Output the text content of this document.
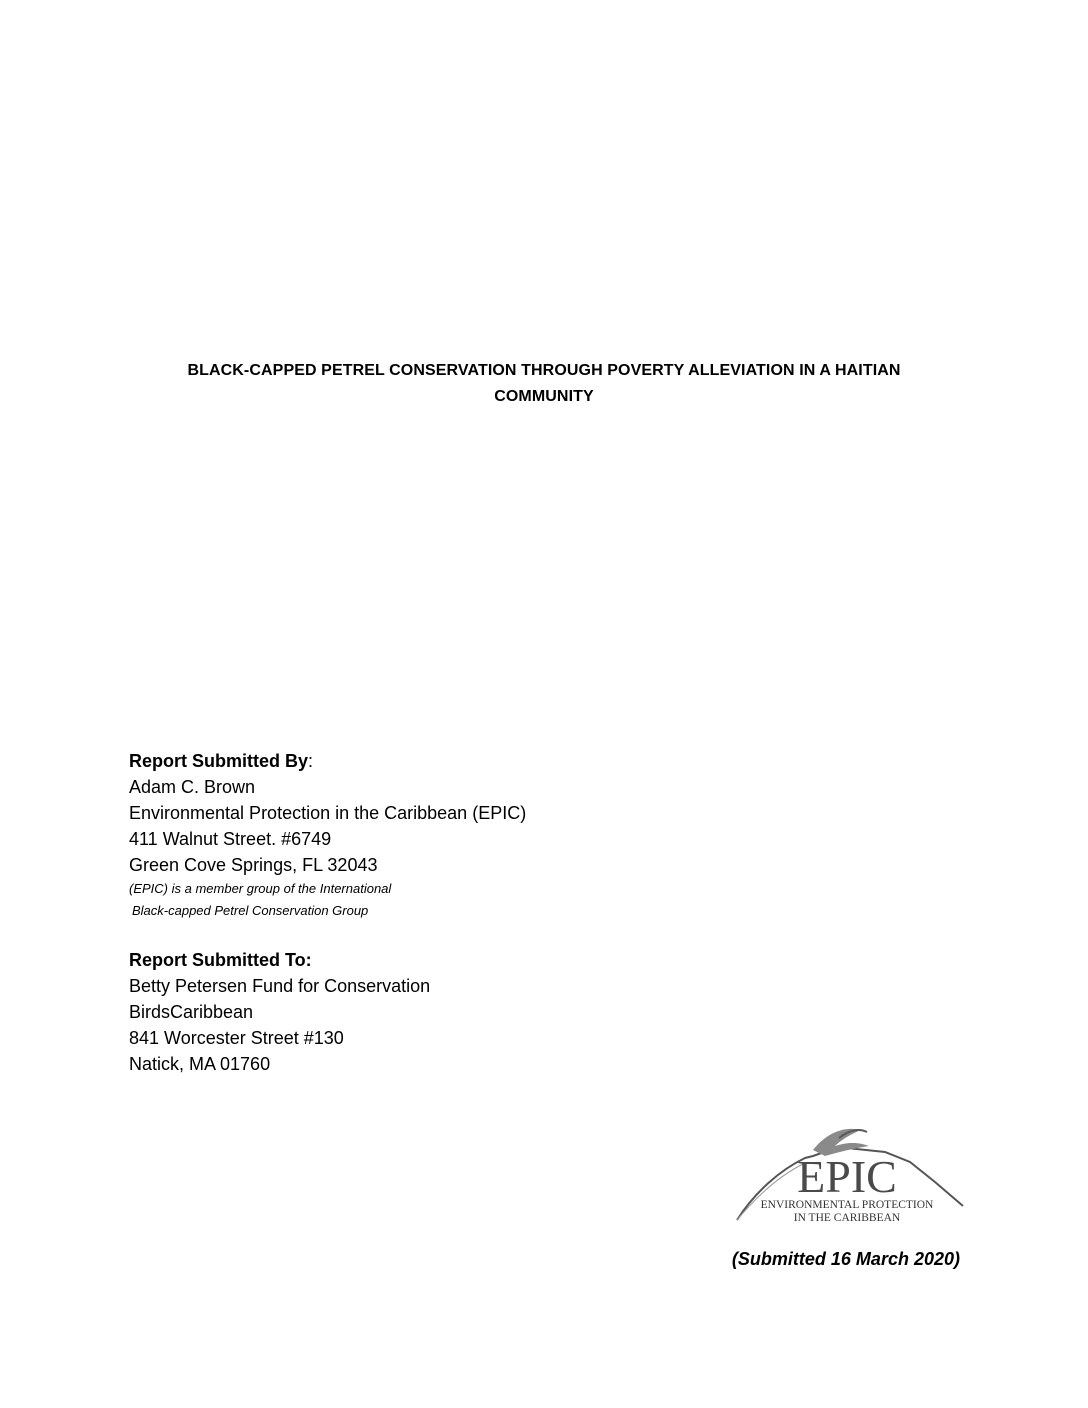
BLACK-CAPPED PETREL CONSERVATION THROUGH POVERTY ALLEVIATION IN A HAITIAN
COMMUNITY
Report Submitted By:
Adam C. Brown
Environmental Protection in the Caribbean (EPIC)
411 Walnut Street. #6749
Green Cove Springs, FL 32043
(EPIC) is a member group of the International
Black-capped Petrel Conservation Group
Report Submitted To:
Betty Petersen Fund for Conservation
BirdsCaribbean
841 Worcester Street #130
Natick, MA 01760
EPIC
ENVIRONMENTAL PROTECTION
IN THE CARIBBEAN
(Submitted 16 March 2020)
